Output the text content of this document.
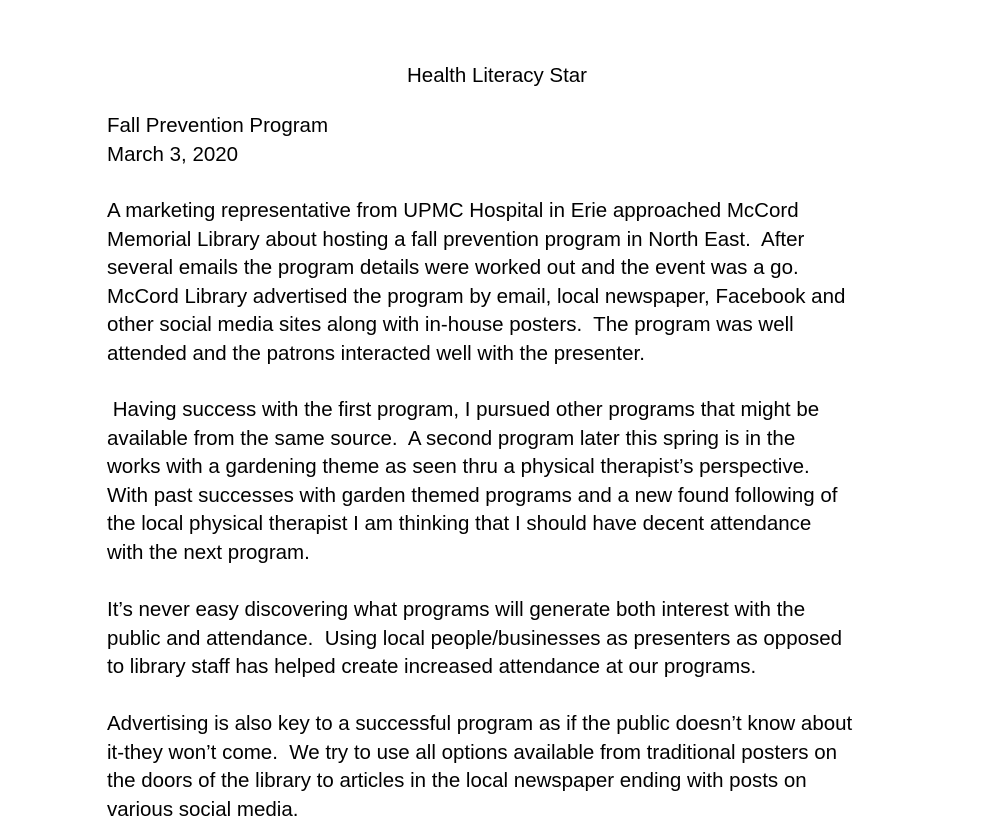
Health Literacy Star
Fall Prevention Program
March 3, 2020

A marketing representative from UPMC Hospital in Erie approached McCord
Memorial Library about hosting a fall prevention program in North East.  After
several emails the program details were worked out and the event was a go.
McCord Library advertised the program by email, local newspaper, Facebook and
other social media sites along with in-house posters.  The program was well
attended and the patrons interacted well with the presenter.

Having success with the first program, I pursued other programs that might be
available from the same source.  A second program later this spring is in the
works with a gardening theme as seen thru a physical therapist’s perspective.
With past successes with garden themed programs and a new found following of
the local physical therapist I am thinking that I should have decent attendance
with the next program.

It’s never easy discovering what programs will generate both interest with the
public and attendance.  Using local people/businesses as presenters as opposed
to library staff has helped create increased attendance at our programs.

Advertising is also key to a successful program as if the public doesn’t know about
it-they won’t come.  We try to use all options available from traditional posters on
the doors of the library to articles in the local newspaper ending with posts on
various social media.
